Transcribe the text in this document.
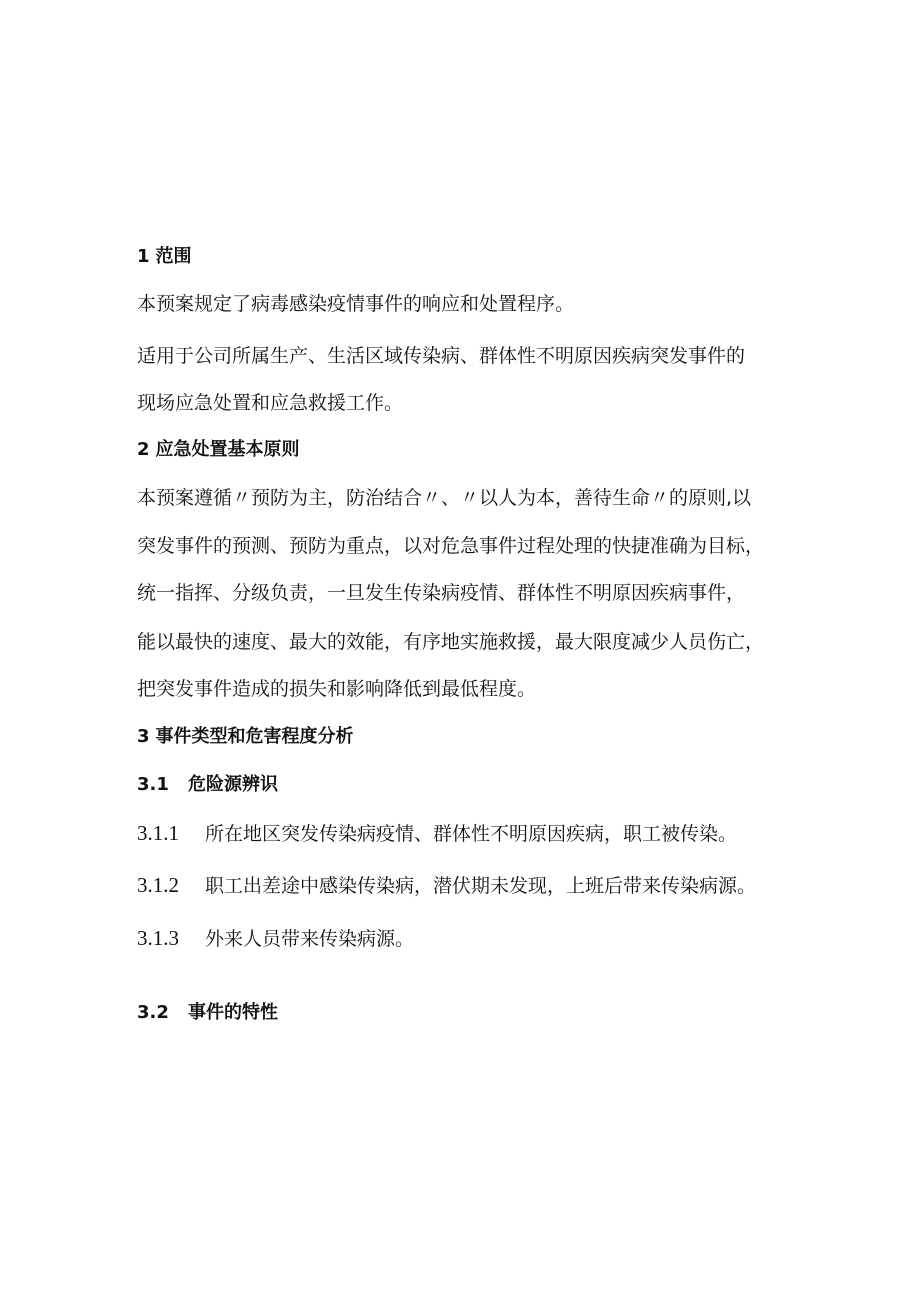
1 范围
本预案规定了病毒感染疫情事件的响应和处置程序。
适用于公司所属生产、生活区域传染病、群体性不明原因疾病突发事件的
现场应急处置和应急救援工作。
2 应急处置基本原则
本预案遵循〃预防为主，防治结合〃、〃以人为本，善待生命〃的原则,以
突发事件的预测、预防为重点，以对危急事件过程处理的快捷准确为目标，
统一指挥、分级负责，一旦发生传染病疫情、群体性不明原因疾病事件，
能以最快的速度、最大的效能，有序地实施救援，最大限度减少人员伤亡，
把突发事件造成的损失和影响降低到最低程度。
3 事件类型和危害程度分析
3.1 危险源辨识
3.1.1 所在地区突发传染病疫情、群体性不明原因疾病，职工被传染。
3.1.2 职工出差途中感染传染病，潜伏期未发现，上班后带来传染病源。
3.1.3 外来人员带来传染病源。
3.2 事件的特性
